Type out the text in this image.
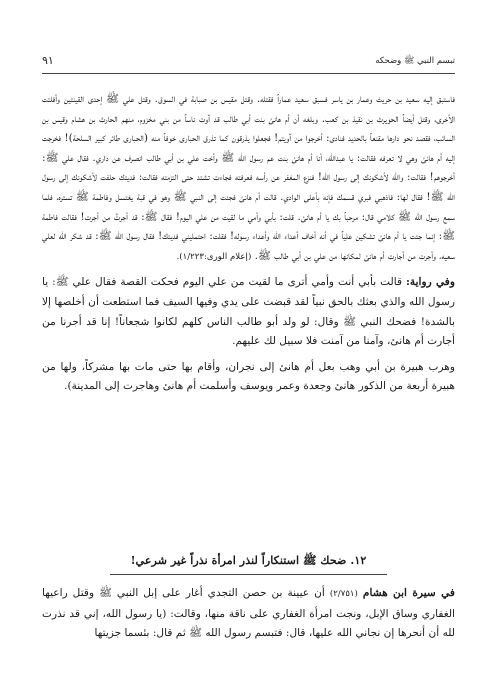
تبسم النبي ﷺ وضحكه
٩١

فاستبق إليه سعيد بن حريث وعمار بن ياسر فسبق سعيد عماراً فقتله. وقتل مقيس بن صبابة في السوق. وقتل علي ﷺ إحدى القينتين وأفلتت الأخرى، وقتل أيضاً الحويرث بن نقيذ بن كعب. وبلغه أن أم هانئ بنت أبي طالب قد آوت ناساً من بني مخزوم، منهم الحارث بن هشام وقيس بن السائب، فقصد نحو دارها مقنعاً بالحديد فنادى: أخرجوا من آويتم! فجعلوا يذرقون كما تذرق الحبارى خوفاً منه (الحبارى طائر كبير السلحة)! فخرجت إليه أم هانئ وهي لا تعرفه فقالت: يا عبدالله، أنا أم هانئ بنت عم رسول الله ﷺ وأخت علي بن أبي طالب انصرف عن داري. فقال علي ﷺ: أخرجوهم! فقالت: والله لأشكونك إلى رسول الله! فنزع المغفر عن رأسه فعرفته فجاءت تشتد حتى التزمته فقالت: فديتك حلفت لأشكونك إلى رسول الله ﷺ! فقال لها: فاذهبي فبري قسمك فإنه بأعلى الوادي. قالت أم هانئ فجئت إلى النبي ﷺ وهو في قبة يغتسل وفاطمة ﷺ تستره، فلما سمع رسول الله ﷺ كلامي قال: مرحباً بك يا أم هانئ. قلت: بأبي وأمي ما لقيت من علي اليوم! فقال ﷺ: قد أجرتُ من أجرت! فقالت فاطمة ﷺ: إنما جئت يا أم هانئ تشكين علياً في أنه أخاف أعداء الله وأعداء رسوله! فقلت: احتمليني فديتك! فقال رسول الله ﷺ: قد شكر الله لعلي سعيه، وأجرت من أجارت أم هانئ لمكانها من علي بن أبي طالب ﷺ. (إعلام الورى:١/٢٢٣).

وفي رواية: قالت بأبي أنت وأمي أترى ما لقيت من علي اليوم فحكت القصة فقال علي ﷺ: يا رسول الله والذي بعثك بالحق نبياً لقد قبضت على يدي وفيها السيف فما استطعت أن أخلصها إلا بالشدة! فضحك النبي ﷺ وقال: لو ولد أبو طالب الناس كلهم لكانوا شجعاناً! إنا قد أجرنا من أجارت أم هانئ، وآمنا من آمنت فلا سبيل لك عليهم.

وهرب هبيرة بن أبي وهب بعل أم هانئ إلى نجران، وأقام بها حتى مات بها مشركاً، ولها من هبيرة أربعة من الذكور هانئ وجعدة وعمر ويوسف وأسلمت أم هانئ وهاجرت إلى المدينة).

١٢. ضحك ﷺ استنكاراً لنذر امرأة نذراً غير شرعي!

في سيرة ابن هشام (٢/٧٥١) أن عيينة بن حصن التجدي أغار على إبل النبي ﷺ وقتل راعيها الغفاري وساق الإبل، ونجت امرأة الغفاري على ناقة منها، وقالت: (يا رسول الله، إني قد نذرت لله أن أنحرها إن نجاني الله عليها، قال: فتبسم رسول الله ﷺ ثم قال: بئسما جزيتها
